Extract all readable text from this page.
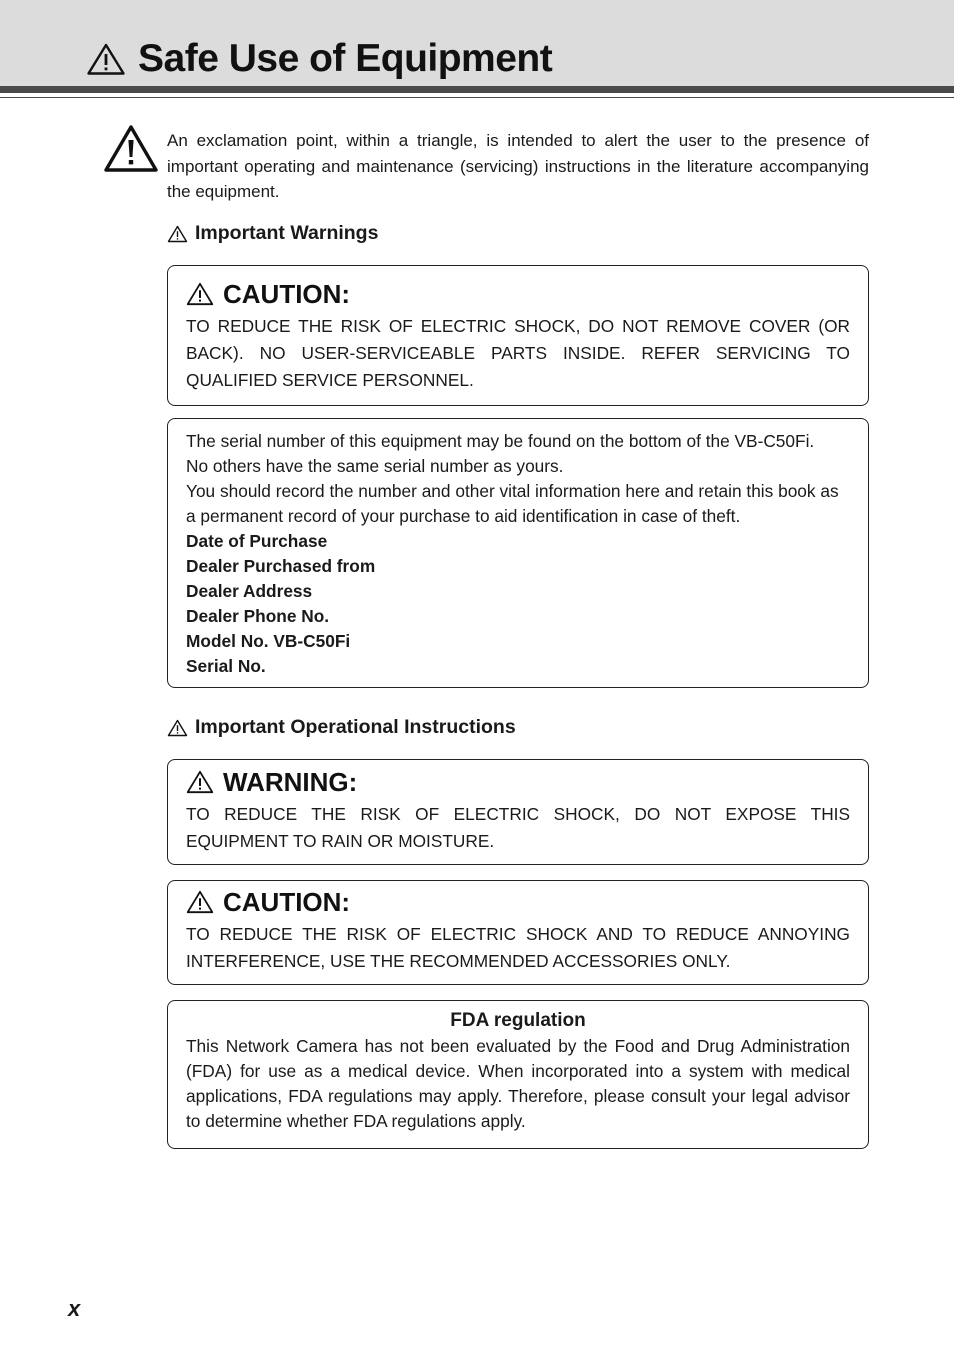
Safe Use of Equipment
An exclamation point, within a triangle, is intended to alert the user to the presence of important operating and maintenance (servicing) instructions in the literature accompanying the equipment.
Important Warnings
CAUTION:
TO REDUCE THE RISK OF ELECTRIC SHOCK, DO NOT REMOVE COVER (OR BACK). NO USER-SERVICEABLE PARTS INSIDE. REFER SERVICING TO QUALIFIED SERVICE PERSONNEL.
The serial number of this equipment may be found on the bottom of the VB-C50Fi.
No others have the same serial number as yours.
You should record the number and other vital information here and retain this book as a permanent record of your purchase to aid identification in case of theft.
Date of Purchase
Dealer Purchased from
Dealer Address
Dealer Phone No.
Model No. VB-C50Fi
Serial No.
Important Operational Instructions
WARNING:
TO REDUCE THE RISK OF ELECTRIC SHOCK, DO NOT EXPOSE THIS EQUIPMENT TO RAIN OR MOISTURE.
CAUTION:
TO REDUCE THE RISK OF ELECTRIC SHOCK AND TO REDUCE ANNOYING INTERFERENCE, USE THE RECOMMENDED ACCESSORIES ONLY.
FDA regulation
This Network Camera has not been evaluated by the Food and Drug Administration (FDA) for use as a medical device. When incorporated into a system with medical applications, FDA regulations may apply. Therefore, please consult your legal advisor to determine whether FDA regulations apply.
x
